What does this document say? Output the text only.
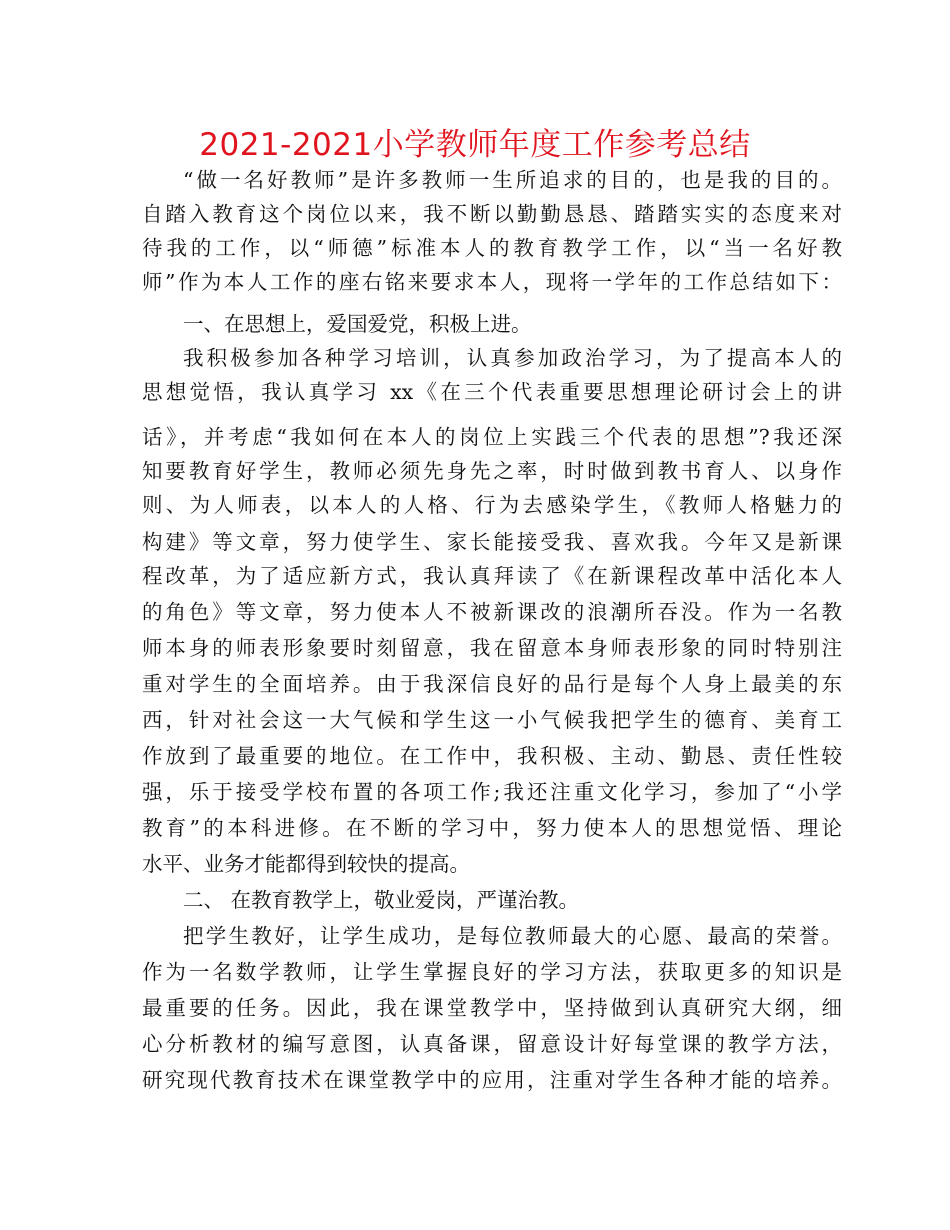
2021-2021小学教师年度工作参考总结
“做一名好教师”是许多教师一生所追求的目的，也是我的目的。
自踏入教育这个岗位以来，我不断以勤勤恳恳、踏踏实实的态度来对
待我的工作，以“师德”标准本人的教育教学工作，以“当一名好教
师”作为本人工作的座右铭来要求本人，现将一学年的工作总结如下：
一、在思想上，爱国爱党，积极上进。
我积极参加各种学习培训，认真参加政治学习，为了提高本人的
思想觉悟，我认真学习 xx《在三个代表重要思想理论研讨会上的讲
话》，并考虑“我如何在本人的岗位上实践三个代表的思想”?我还深
知要教育好学生，教师必须先身先之率，时时做到教书育人、以身作
则、为人师表，以本人的人格、行为去感染学生，《教师人格魅力的
构建》等文章，努力使学生、家长能接受我、喜欢我。今年又是新课
程改革，为了适应新方式，我认真拜读了《在新课程改革中活化本人
的角色》等文章，努力使本人不被新课改的浪潮所吞没。作为一名教
师本身的师表形象要时刻留意，我在留意本身师表形象的同时特别注
重对学生的全面培养。由于我深信良好的品行是每个人身上最美的东
西，针对社会这一大气候和学生这一小气候我把学生的德育、美育工
作放到了最重要的地位。在工作中，我积极、主动、勤恳、责任性较
强，乐于接受学校布置的各项工作;我还注重文化学习，参加了“小学
教育”的本科进修。在不断的学习中，努力使本人的思想觉悟、理论
水平、业务才能都得到较快的提高。
二、 在教育教学上，敬业爱岗，严谨治教。
把学生教好，让学生成功，是每位教师最大的心愿、最高的荣誉。
作为一名数学教师，让学生掌握良好的学习方法，获取更多的知识是
最重要的任务。因此，我在课堂教学中，坚持做到认真研究大纲，细
心分析教材的编写意图，认真备课，留意设计好每堂课的教学方法，
研究现代教育技术在课堂教学中的应用，注重对学生各种才能的培养。
